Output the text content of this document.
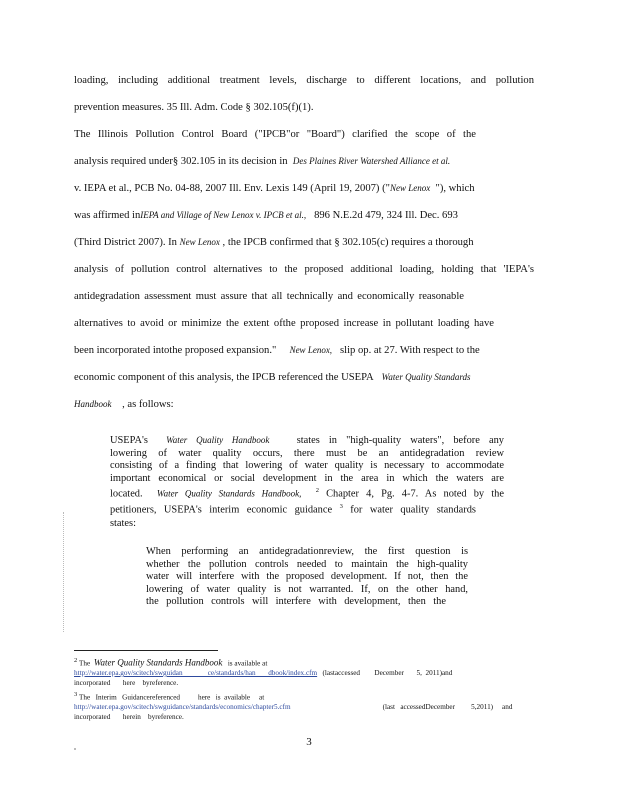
loading, including additional treatment levels, discharge to different locations, and pollution
prevention measures. 35 Ill. Adm. Code § 302.105(f)(1).
The Illinois Pollution Control Board ("IPCB"or "Board") clarified the scope of the
analysis required under§ 302.105 in its decision in Des Plaines River Watershed Alliance et al.
v. IEPA et al., PCB No. 04-88, 2007 Ill. Env. Lexis 149 (April 19, 2007) ("New Lenox "), which
was affirmed inIEPA and Village of New Lenox v. IPCB et al., 896 N.E.2d 479, 324 Ill. Dec. 693
(Third District 2007). In New Lenox , the IPCB confirmed that § 302.105(c) requires a thorough
analysis of pollution control alternatives to the proposed additional loading, holding that 'IEPA's
antidegradation assessment must assure that all technically and economically reasonable
alternatives to avoid or minimize the extent ofthe proposed increase in pollutant loading have
been incorporated intothe proposed expansion." New Lenox, slip op. at 27. With respect to the
economic component of this analysis, the IPCB referenced the USEPA Water Quality Standards
Handbook , as follows:
USEPA's Water Quality Handbook	states in "high-quality waters", before any
lowering of water quality occurs, there must be an antidegradation review
consisting of a finding that lowering of water quality is necessary to accommodate
important economical or social development in the area in which the waters are
located. Water Quality Standards Handbook, $^2$ Chapter 4, Pg. 4-7. As noted by the
petitioners, USEPA's interim economic guidance $^3$ for water quality standards
states:
When performing an antidegradationreview, the first question is
whether the pollution controls needed to maintain the high-quality
water will interfere with the proposed development. If not, then the
lowering of water quality is not warranted. If, on the other hand,
the pollution controls will interfere with development, then the
$^2$ The Water Quality Standards Handbook is available at
http://water.epa.gov/scitech/swguidan              ce/standards/han       dbook/index.cfm (lastaccessed        December       5,  2011)and
incorporated       here    byreference.
$^3$ The   Interim   Guidancereferenced          here   is  available     at
http://water.epa.gov/scitech/swguidance/standards/economics/chapter5.cfm	(last   accessedDecember         5,2011)     and
incorporated       herein    byreference.
3
